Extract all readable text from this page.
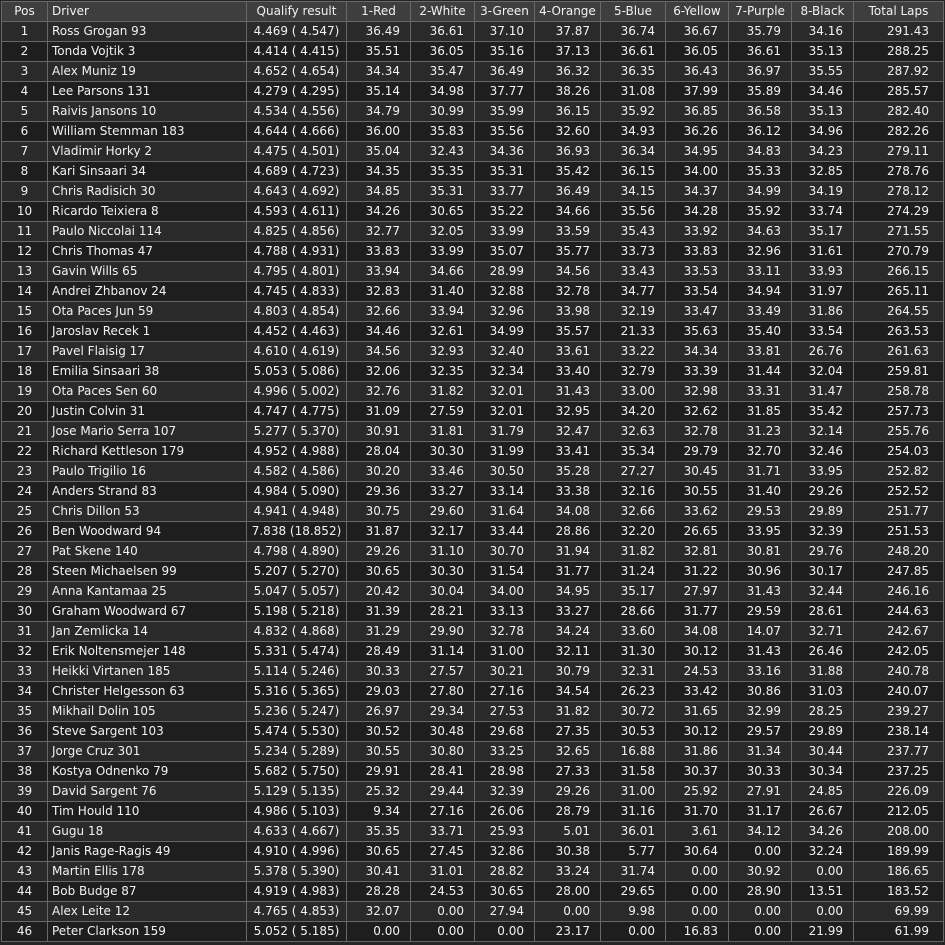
Pos	Driver	Qualify result	1-Red	2-White	3-Green	4-Orange	5-Blue	6-Yellow	7-Purple	8-Black	Total Laps
1	Ross Grogan 93	4.469 ( 4.547)	36.49	36.61	37.10	37.87	36.74	36.67	35.79	34.16	291.43
2	Tonda Vojtik 3	4.414 ( 4.415)	35.51	36.05	35.16	37.13	36.61	36.05	36.61	35.13	288.25
3	Alex Muniz 19	4.652 ( 4.654)	34.34	35.47	36.49	36.32	36.35	36.43	36.97	35.55	287.92
4	Lee Parsons 131	4.279 ( 4.295)	35.14	34.98	37.77	38.26	31.08	37.99	35.89	34.46	285.57
5	Raivis Jansons 10	4.534 ( 4.556)	34.79	30.99	35.99	36.15	35.92	36.85	36.58	35.13	282.40
6	William Stemman 183	4.644 ( 4.666)	36.00	35.83	35.56	32.60	34.93	36.26	36.12	34.96	282.26
7	Vladimir Horky 2	4.475 ( 4.501)	35.04	32.43	34.36	36.93	36.34	34.95	34.83	34.23	279.11
8	Kari Sinsaari 34	4.689 ( 4.723)	34.35	35.35	35.31	35.42	36.15	34.00	35.33	32.85	278.76
9	Chris Radisich 30	4.643 ( 4.692)	34.85	35.31	33.77	36.49	34.15	34.37	34.99	34.19	278.12
10	Ricardo Teixiera 8	4.593 ( 4.611)	34.26	30.65	35.22	34.66	35.56	34.28	35.92	33.74	274.29
11	Paulo Niccolai 114	4.825 ( 4.856)	32.77	32.05	33.99	33.59	35.43	33.92	34.63	35.17	271.55
12	Chris Thomas 47	4.788 ( 4.931)	33.83	33.99	35.07	35.77	33.73	33.83	32.96	31.61	270.79
13	Gavin Wills 65	4.795 ( 4.801)	33.94	34.66	28.99	34.56	33.43	33.53	33.11	33.93	266.15
14	Andrei Zhbanov 24	4.745 ( 4.833)	32.83	31.40	32.88	32.78	34.77	33.54	34.94	31.97	265.11
15	Ota Paces Jun 59	4.803 ( 4.854)	32.66	33.94	32.96	33.98	32.19	33.47	33.49	31.86	264.55
16	Jaroslav Recek 1	4.452 ( 4.463)	34.46	32.61	34.99	35.57	21.33	35.63	35.40	33.54	263.53
17	Pavel Flaisig 17	4.610 ( 4.619)	34.56	32.93	32.40	33.61	33.22	34.34	33.81	26.76	261.63
18	Emilia Sinsaari 38	5.053 ( 5.086)	32.06	32.35	32.34	33.40	32.79	33.39	31.44	32.04	259.81
19	Ota Paces Sen 60	4.996 ( 5.002)	32.76	31.82	32.01	31.43	33.00	32.98	33.31	31.47	258.78
20	Justin Colvin 31	4.747 ( 4.775)	31.09	27.59	32.01	32.95	34.20	32.62	31.85	35.42	257.73
21	Jose Mario Serra 107	5.277 ( 5.370)	30.91	31.81	31.79	32.47	32.63	32.78	31.23	32.14	255.76
22	Richard Kettleson 179	4.952 ( 4.988)	28.04	30.30	31.99	33.41	35.34	29.79	32.70	32.46	254.03
23	Paulo Trigilio 16	4.582 ( 4.586)	30.20	33.46	30.50	35.28	27.27	30.45	31.71	33.95	252.82
24	Anders Strand 83	4.984 ( 5.090)	29.36	33.27	33.14	33.38	32.16	30.55	31.40	29.26	252.52
25	Chris Dillon 53	4.941 ( 4.948)	30.75	29.60	31.64	34.08	32.66	33.62	29.53	29.89	251.77
26	Ben Woodward 94	7.838 (18.852)	31.87	32.17	33.44	28.86	32.20	26.65	33.95	32.39	251.53
27	Pat Skene 140	4.798 ( 4.890)	29.26	31.10	30.70	31.94	31.82	32.81	30.81	29.76	248.20
28	Steen Michaelsen 99	5.207 ( 5.270)	30.65	30.30	31.54	31.77	31.24	31.22	30.96	30.17	247.85
29	Anna Kantamaa 25	5.047 ( 5.057)	20.42	30.04	34.00	34.95	35.17	27.97	31.43	32.44	246.16
30	Graham Woodward 67	5.198 ( 5.218)	31.39	28.21	33.13	33.27	28.66	31.77	29.59	28.61	244.63
31	Jan Zemlicka 14	4.832 ( 4.868)	31.29	29.90	32.78	34.24	33.60	34.08	14.07	32.71	242.67
32	Erik Noltensmejer 148	5.331 ( 5.474)	28.49	31.14	31.00	32.11	31.30	30.12	31.43	26.46	242.05
33	Heikki Virtanen 185	5.114 ( 5.246)	30.33	27.57	30.21	30.79	32.31	24.53	33.16	31.88	240.78
34	Christer Helgesson 63	5.316 ( 5.365)	29.03	27.80	27.16	34.54	26.23	33.42	30.86	31.03	240.07
35	Mikhail Dolin 105	5.236 ( 5.247)	26.97	29.34	27.53	31.82	30.72	31.65	32.99	28.25	239.27
36	Steve Sargent 103	5.474 ( 5.530)	30.52	30.48	29.68	27.35	30.53	30.12	29.57	29.89	238.14
37	Jorge Cruz 301	5.234 ( 5.289)	30.55	30.80	33.25	32.65	16.88	31.86	31.34	30.44	237.77
38	Kostya Odnenko 79	5.682 ( 5.750)	29.91	28.41	28.98	27.33	31.58	30.37	30.33	30.34	237.25
39	David Sargent 76	5.129 ( 5.135)	25.32	29.44	32.39	29.26	31.00	25.92	27.91	24.85	226.09
40	Tim Hould 110	4.986 ( 5.103)	9.34	27.16	26.06	28.79	31.16	31.70	31.17	26.67	212.05
41	Gugu 18	4.633 ( 4.667)	35.35	33.71	25.93	5.01	36.01	3.61	34.12	34.26	208.00
42	Janis Rage-Ragis 49	4.910 ( 4.996)	30.65	27.45	32.86	30.38	5.77	30.64	0.00	32.24	189.99
43	Martin Ellis 178	5.378 ( 5.390)	30.41	31.01	28.82	33.24	31.74	0.00	30.92	0.00	186.65
44	Bob Budge 87	4.919 ( 4.983)	28.28	24.53	30.65	28.00	29.65	0.00	28.90	13.51	183.52
45	Alex Leite 12	4.765 ( 4.853)	32.07	0.00	27.94	0.00	9.98	0.00	0.00	0.00	69.99
46	Peter Clarkson 159	5.052 ( 5.185)	0.00	0.00	0.00	23.17	0.00	16.83	0.00	21.99	61.99
